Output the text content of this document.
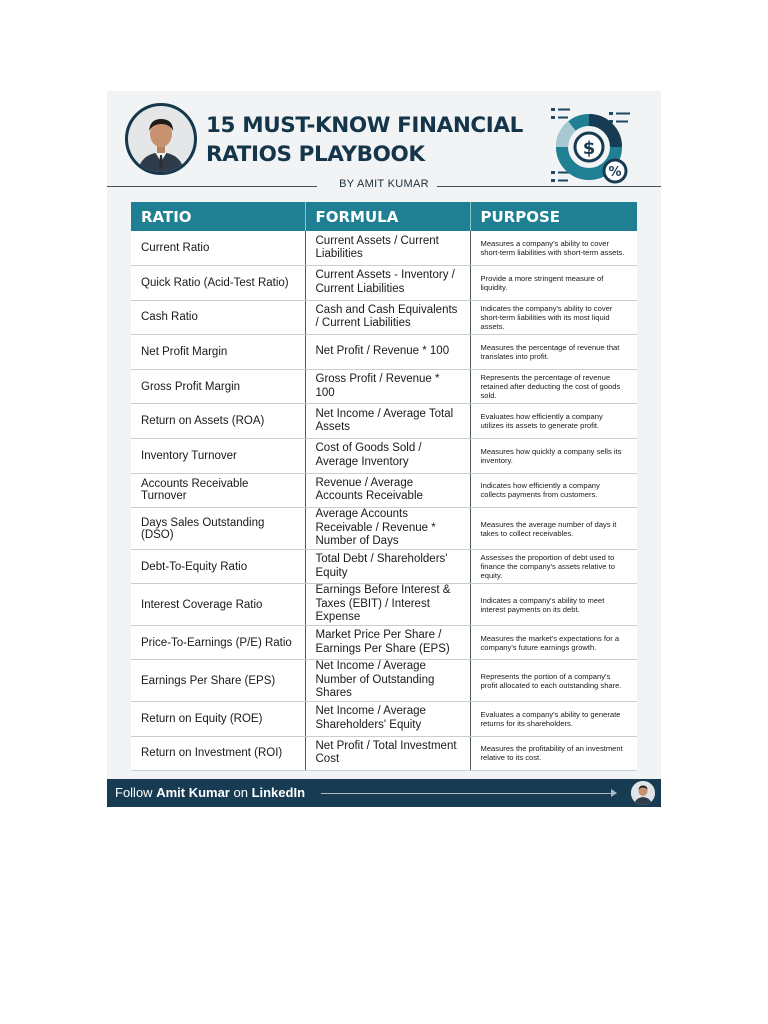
15 MUST-KNOW FINANCIAL
RATIOS PLAYBOOK	$
%
BY AMIT KUMAR
RATIO	FORMULA	PURPOSE
Current Ratio	Current Assets / Current Liabilities	Measures a company's ability to cover short-term liabilities with short-term assets.
Quick Ratio (Acid-Test Ratio)	Current Assets - Inventory / Current Liabilities	Provide a more stringent measure of liquidity.
Cash Ratio	Cash and Cash Equivalents / Current Liabilities	Indicates the company's ability to cover short-term liabilities with its most liquid assets.
Net Profit Margin	Net Profit / Revenue * 100	Measures the percentage of revenue that translates into profit.
Gross Profit Margin	Gross Profit / Revenue * 100	Represents the percentage of revenue retained after deducting the cost of goods sold.
Return on Assets (ROA)	Net Income / Average Total Assets	Evaluates how efficiently a company utilizes its assets to generate profit.
Inventory Turnover	Cost of Goods Sold / Average Inventory	Measures how quickly a company sells its inventory.
Accounts Receivable Turnover	Revenue / Average Accounts Receivable	Indicates how efficiently a company collects payments from customers.
Days Sales Outstanding (DSO)	Average Accounts Receivable / Revenue * Number of Days	Measures the average number of days it takes to collect receivables.
Debt-To-Equity Ratio	Total Debt / Shareholders' Equity	Assesses the proportion of debt used to finance the company's assets relative to equity.
Interest Coverage Ratio	Earnings Before Interest & Taxes (EBIT) / Interest Expense	Indicates a company's ability to meet interest payments on its debt.
Price-To-Earnings (P/E) Ratio	Market Price Per Share / Earnings Per Share (EPS)	Measures the market's expectations for a company's future earnings growth.
Earnings Per Share (EPS)	Net Income / Average Number of Outstanding Shares	Represents the portion of a company's profit allocated to each outstanding share.
Return on Equity (ROE)	Net Income / Average Shareholders' Equity	Evaluates a company's ability to generate returns for its shareholders.
Return on Investment (ROI)	Net Profit / Total Investment Cost	Measures the profitability of an investment relative to its cost.
Follow Amit Kumar on LinkedIn
